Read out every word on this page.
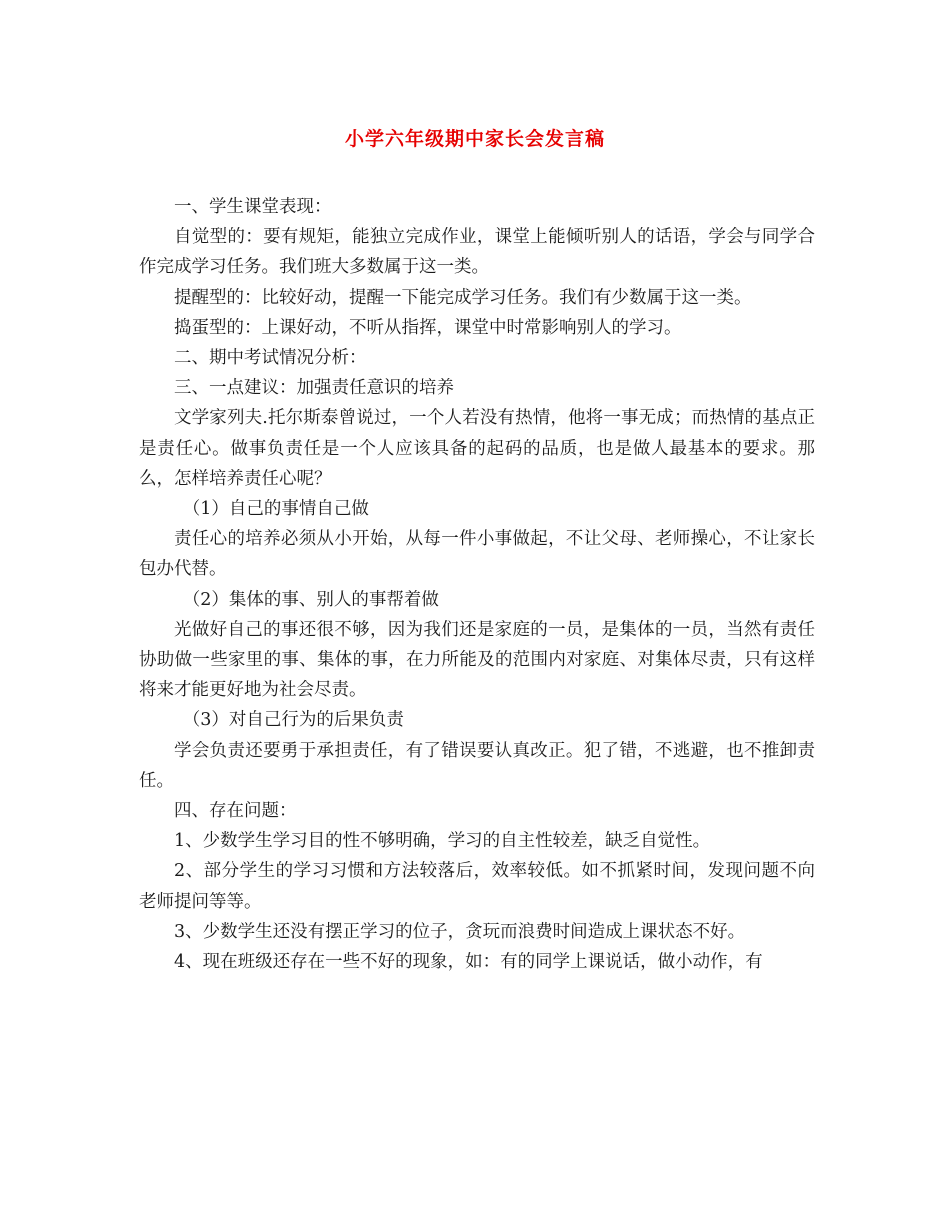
小学六年级期中家长会发言稿

一、学生课堂表现：

自觉型的：要有规矩，能独立完成作业，课堂上能倾听别人的话语，学会与同学合作完成学习任务。我们班大多数属于这一类。

提醒型的：比较好动，提醒一下能完成学习任务。我们有少数属于这一类。

捣蛋型的：上课好动，不听从指挥，课堂中时常影响别人的学习。

二、期中考试情况分析：

三、一点建议：加强责任意识的培养

文学家列夫.托尔斯泰曾说过，一个人若没有热情，他将一事无成；而热情的基点正是责任心。做事负责任是一个人应该具备的起码的品质，也是做人最基本的要求。那么，怎样培养责任心呢？

（1）自己的事情自己做

责任心的培养必须从小开始，从每一件小事做起，不让父母、老师操心，不让家长包办代替。

（2）集体的事、别人的事帮着做

光做好自己的事还很不够，因为我们还是家庭的一员，是集体的一员，当然有责任协助做一些家里的事、集体的事，在力所能及的范围内对家庭、对集体尽责，只有这样将来才能更好地为社会尽责。

（3）对自己行为的后果负责

学会负责还要勇于承担责任，有了错误要认真改正。犯了错，不逃避，也不推卸责任。

四、存在问题：

1、少数学生学习目的性不够明确，学习的自主性较差，缺乏自觉性。

2、部分学生的学习习惯和方法较落后，效率较低。如不抓紧时间，发现问题不向老师提问等等。

3、少数学生还没有摆正学习的位子，贪玩而浪费时间造成上课状态不好。

4、现在班级还存在一些不好的现象，如：有的同学上课说话，做小动作，有
